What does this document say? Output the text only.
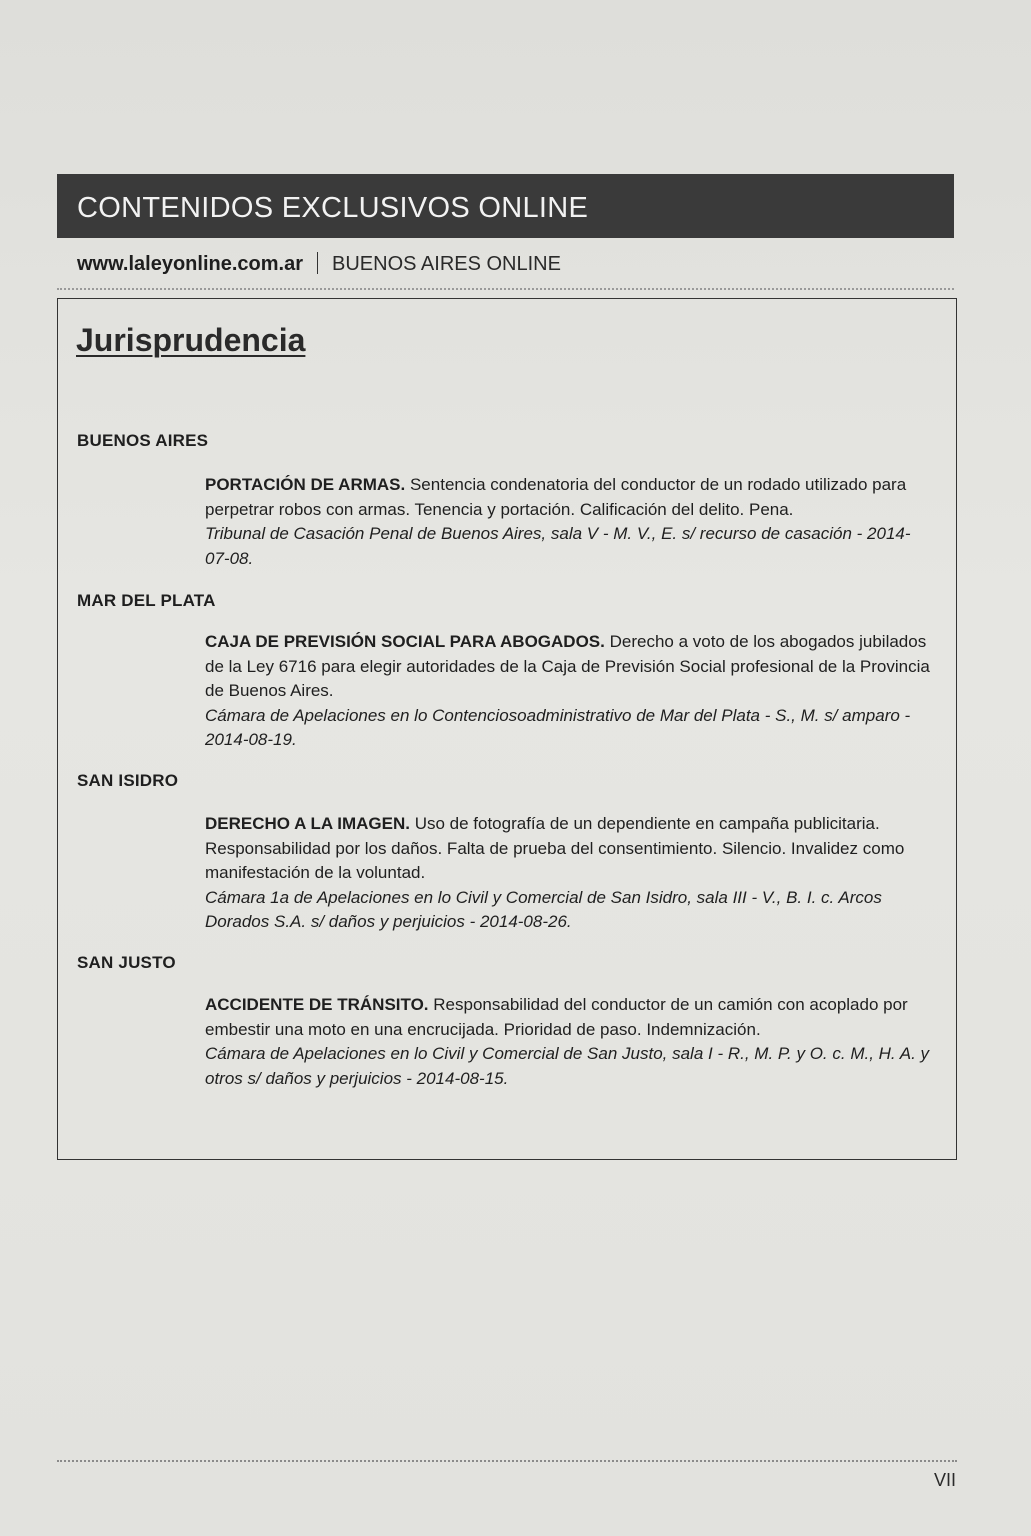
CONTENIDOS EXCLUSIVOS ONLINE
www.laleyonline.com.ar BUENOS AIRES ONLINE
Jurisprudencia
BUENOS AIRES
PORTACIÓN DE ARMAS. Sentencia condenatoria del conductor de un rodado utilizado para perpetrar robos con armas. Tenencia y portación. Calificación del delito. Pena.
Tribunal de Casación Penal de Buenos Aires, sala V - M. V., E. s/ recurso de casación - 2014-07-08.
MAR DEL PLATA
CAJA DE PREVISIÓN SOCIAL PARA ABOGADOS. Derecho a voto de los abogados jubilados de la Ley 6716 para elegir autoridades de la Caja de Previsión Social profesional de la Provincia de Buenos Aires.
Cámara de Apelaciones en lo Contenciosoadministrativo de Mar del Plata - S., M. s/ amparo - 2014-08-19.
SAN ISIDRO
DERECHO A LA IMAGEN. Uso de fotografía de un dependiente en campaña publicitaria. Responsabilidad por los daños. Falta de prueba del consentimiento. Silencio. Invalidez como manifestación de la voluntad.
Cámara 1a de Apelaciones en lo Civil y Comercial de San Isidro, sala III - V., B. I. c. Arcos Dorados S.A. s/ daños y perjuicios - 2014-08-26.
SAN JUSTO
ACCIDENTE DE TRÁNSITO. Responsabilidad del conductor de un camión con acoplado por embestir una moto en una encrucijada. Prioridad de paso. Indemnización.
Cámara de Apelaciones en lo Civil y Comercial de San Justo, sala I - R., M. P. y O. c. M., H. A. y otros s/ daños y perjuicios - 2014-08-15.
VII
